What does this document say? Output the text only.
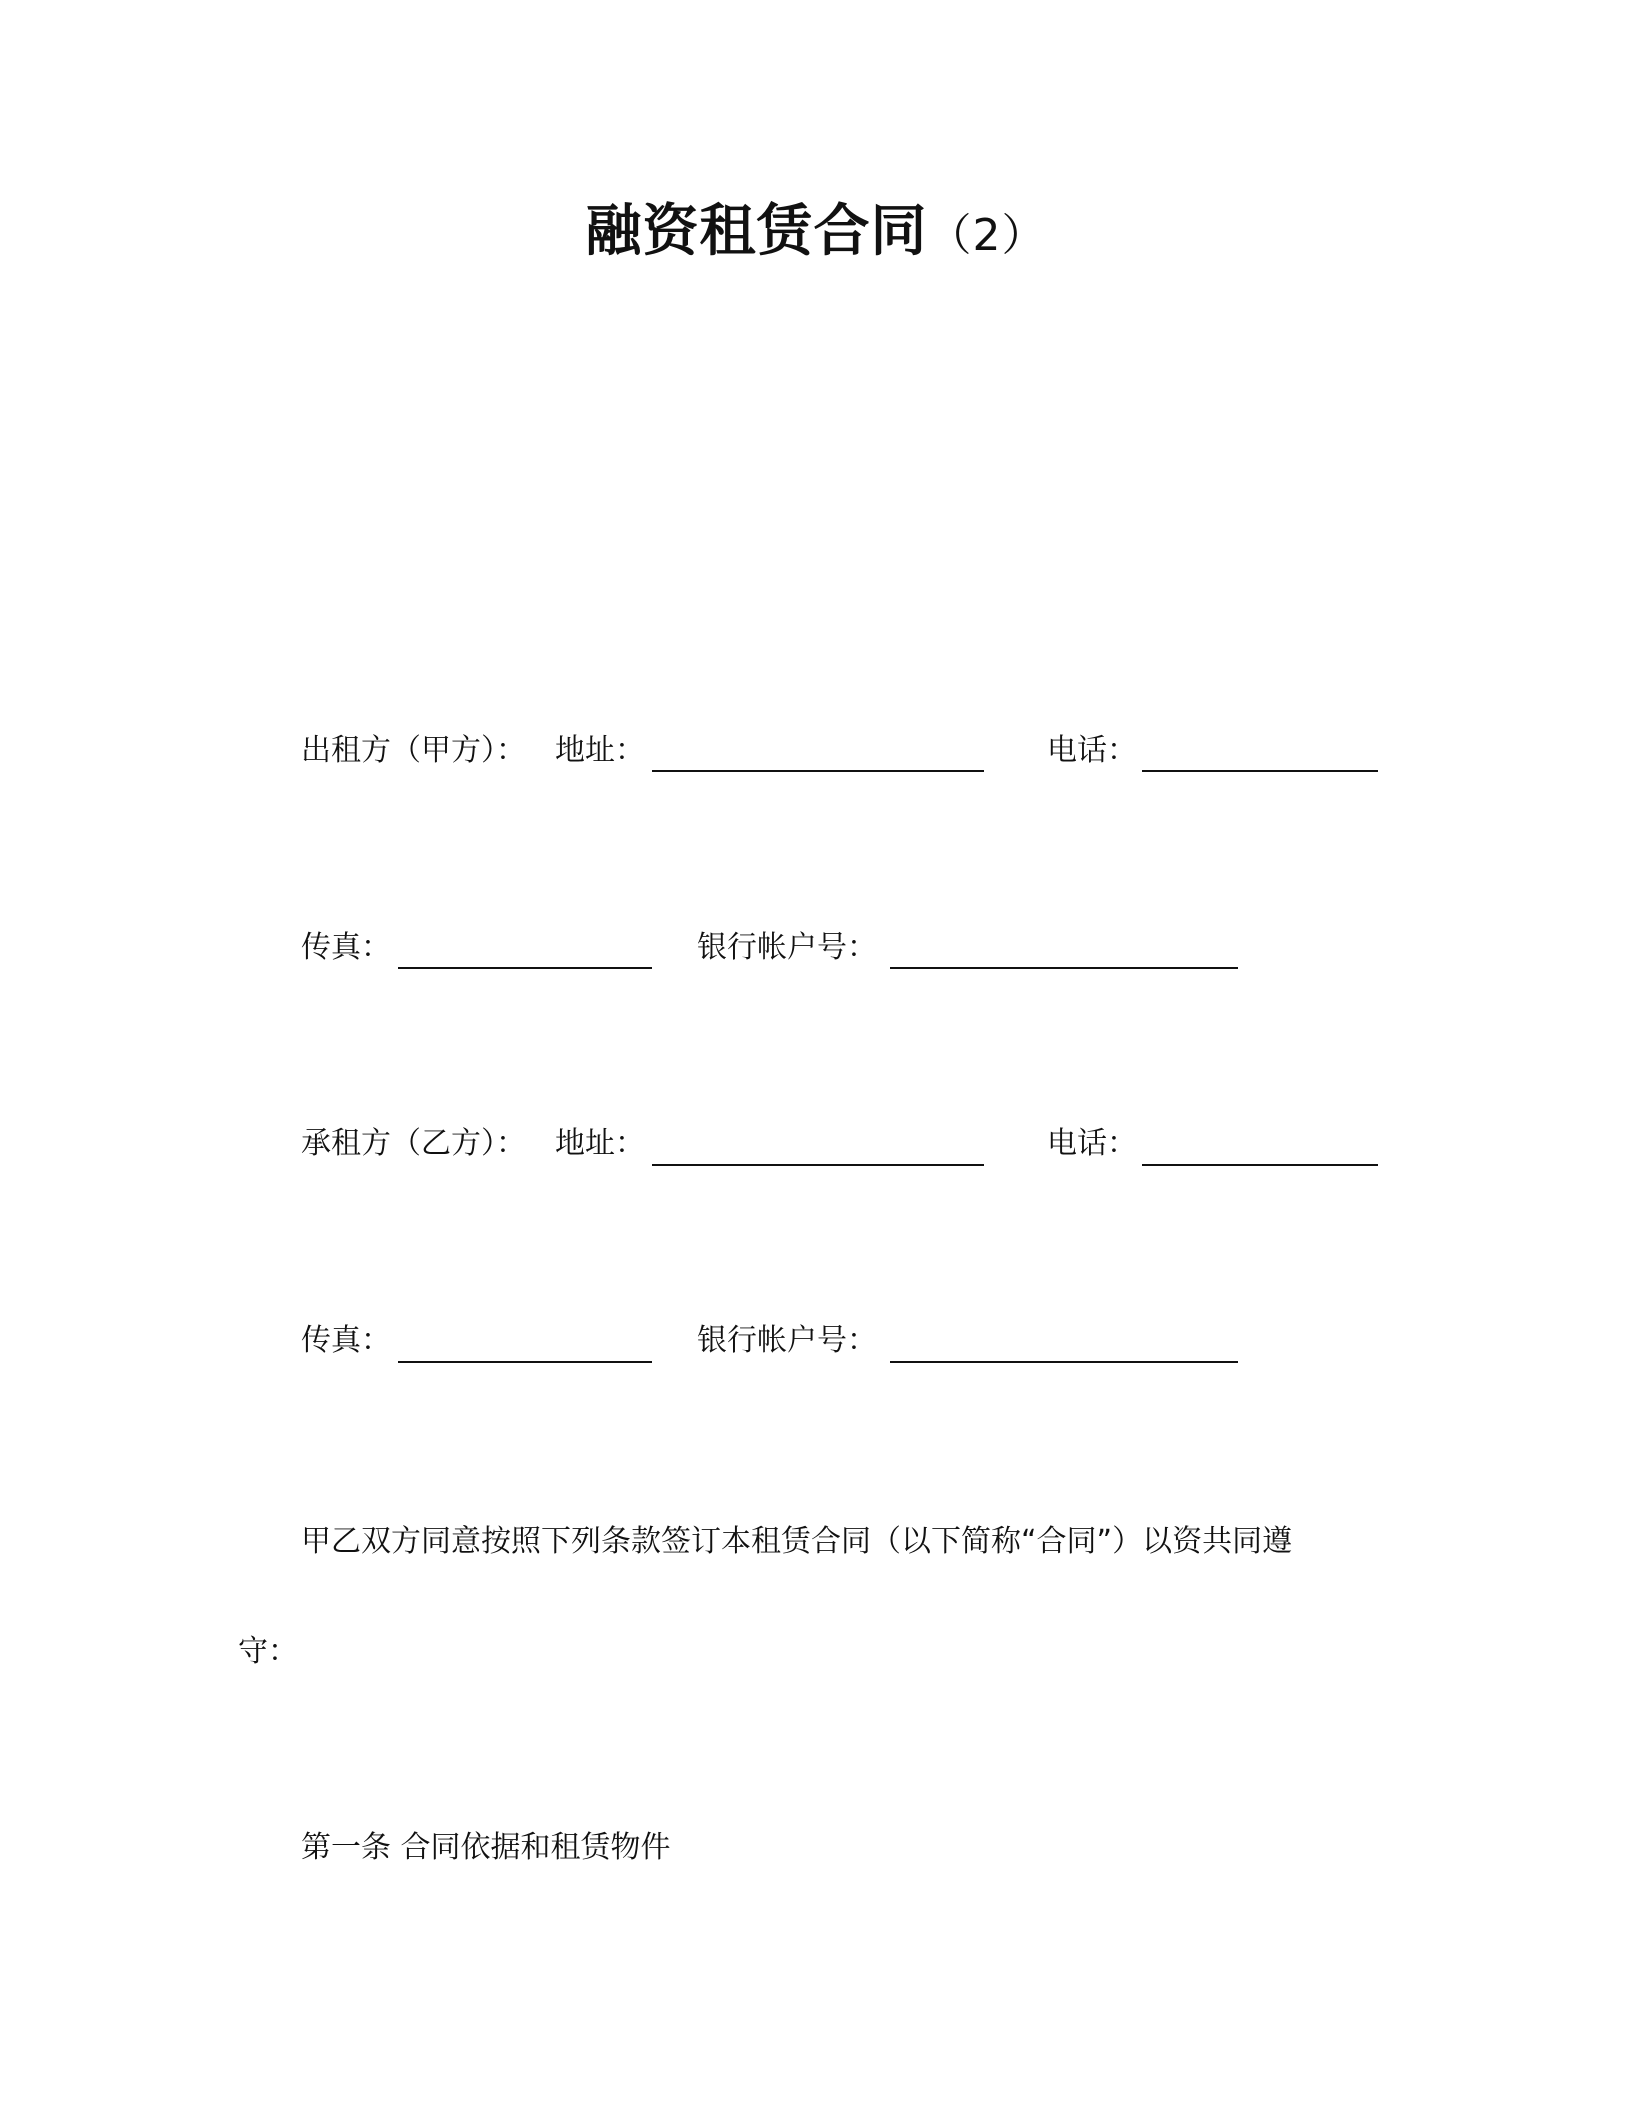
融资租赁合同（2）
出租方（甲方）： 地址：	电话：
传真：	银行帐户号：
承租方（乙方）： 地址：	电话：
传真：	银行帐户号：
甲乙双方同意按照下列条款签订本租赁合同（以下简称“合同”）以资共同遵
守：
第一条 合同依据和租赁物件
